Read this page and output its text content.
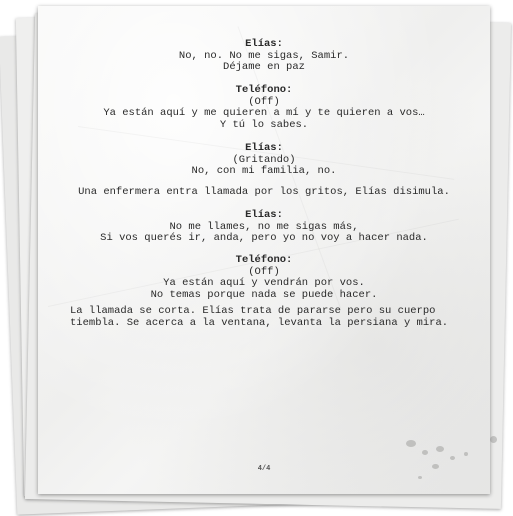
Elías:
No, no. No me sigas, Samir.
Déjame en paz
Teléfono:
(Off)
Ya están aquí y me quieren a mí y te quieren a vos…
Y tú lo sabes.
Elías:
(Gritando)
No, con mi familia, no.
Una enfermera entra llamada por los gritos, Elías disimula.
Elías:
No me llames, no me sigas más,
Si vos querés ir, anda, pero yo no voy a hacer nada.
Teléfono:
(Off)
Ya están aquí y vendrán por vos.
No temas porque nada se puede hacer.
La llamada se corta. Elías trata de pararse pero su cuerpo
tiembla. Se acerca a la ventana, levanta la persiana y mira.
4/4
